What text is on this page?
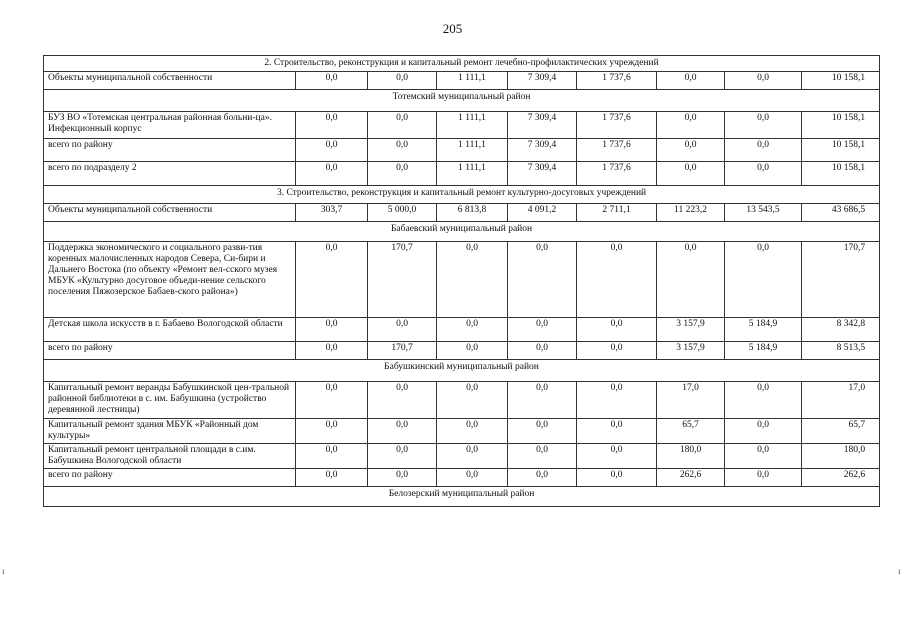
205
2. Строительство, реконструкция и капитальный ремонт лечебно-профилактических учреждений								
Объекты муниципальной собственности	0,0	0,0	1 111,1	7 309,4	1 737,6	0,0	0,0	10 158,1
Тотемский муниципальный район								
БУЗ ВО «Тотемская центральная районная больни-ца». Инфекционный корпус	0,0	0,0	1 111,1	7 309,4	1 737,6	0,0	0,0	10 158,1
всего по району	0,0	0,0	1 111,1	7 309,4	1 737,6	0,0	0,0	10 158,1
всего по подразделу 2	0,0	0,0	1 111,1	7 309,4	1 737,6	0,0	0,0	10 158,1
3. Строительство, реконструкция и капитальный ремонт культурно-досуговых учреждений								
Объекты муниципальной собственности	303,7	5 000,0	6 813,8	4 091,2	2 711,1	11 223,2	13 543,5	43 686,5
Бабаевский муниципальный район								
Поддержка экономического и социального разви-тия коренных малочисленных народов Севера, Си-бири и Дальнего Востока (по объекту «Ремонт вел-сского музея МБУК «Культурно досуговое объеди-нение сельского поселения Пяжозерское Бабаев-ского района»)	0,0	170,7	0,0	0,0	0,0	0,0	0,0	170,7
Детская школа искусств в г. Бабаево Вологодской области	0,0	0,0	0,0	0,0	0,0	3 157,9	5 184,9	8 342,8
всего по району	0,0	170,7	0,0	0,0	0,0	3 157,9	5 184,9	8 513,5
Бабушкинский муниципальный район								
Капитальный ремонт веранды Бабушкинской цен-тральной районной библиотеки в с. им. Бабушкина (устройство деревянной лестницы)	0,0	0,0	0,0	0,0	0,0	17,0	0,0	17,0
Капитальный ремонт здания МБУК «Районный дом культуры»	0,0	0,0	0,0	0,0	0,0	65,7	0,0	65,7
Капитальный ремонт центральной площади в с.им. Бабушкина Вологодской области	0,0	0,0	0,0	0,0	0,0	180,0	0,0	180,0
всего по району	0,0	0,0	0,0	0,0	0,0	262,6	0,0	262,6
Белозерский муниципальный район								
ı	ı
